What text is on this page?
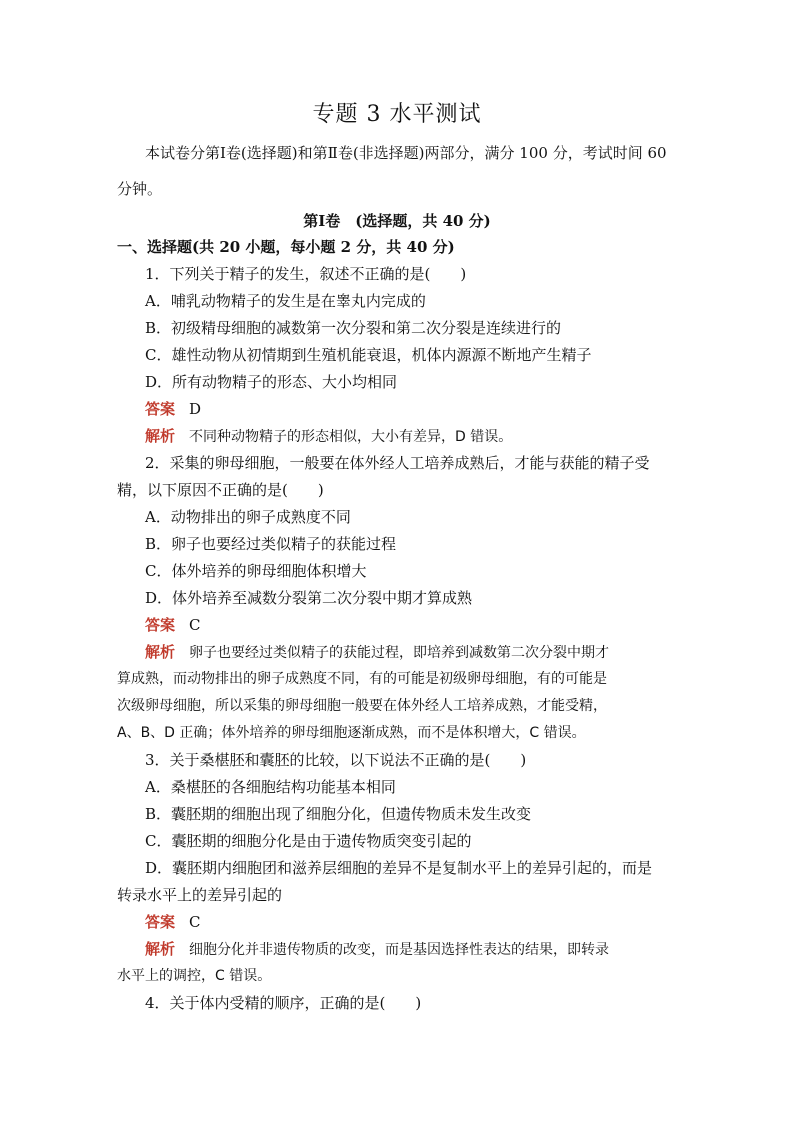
专题 3 水平测试
本试卷分第Ⅰ卷(选择题)和第Ⅱ卷(非选择题)两部分，满分 100 分，考试时间 60
分钟。
第Ⅰ卷　(选择题，共 40 分)
一、选择题(共 20 小题，每小题 2 分，共 40 分)
1．下列关于精子的发生，叙述不正确的是(　　)
A．哺乳动物精子的发生是在睾丸内完成的
B．初级精母细胞的减数第一次分裂和第二次分裂是连续进行的
C．雄性动物从初情期到生殖机能衰退，机体内源源不断地产生精子
D．所有动物精子的形态、大小均相同
答案 D
解析 不同种动物精子的形态相似，大小有差异，D 错误。
2．采集的卵母细胞，一般要在体外经人工培养成熟后，才能与获能的精子受
精，以下原因不正确的是(　　)
A．动物排出的卵子成熟度不同
B．卵子也要经过类似精子的获能过程
C．体外培养的卵母细胞体积增大
D．体外培养至减数分裂第二次分裂中期才算成熟
答案 C
解析 卵子也要经过类似精子的获能过程，即培养到减数第二次分裂中期才
算成熟，而动物排出的卵子成熟度不同，有的可能是初级卵母细胞，有的可能是
次级卵母细胞，所以采集的卵母细胞一般要在体外经人工培养成熟，才能受精，
A、B、D 正确；体外培养的卵母细胞逐渐成熟，而不是体积增大，C 错误。
3．关于桑椹胚和囊胚的比较，以下说法不正确的是(　　)
A．桑椹胚的各细胞结构功能基本相同
B．囊胚期的细胞出现了细胞分化，但遗传物质未发生改变
C．囊胚期的细胞分化是由于遗传物质突变引起的
D．囊胚期内细胞团和滋养层细胞的差异不是复制水平上的差异引起的，而是
转录水平上的差异引起的
答案 C
解析 细胞分化并非遗传物质的改变，而是基因选择性表达的结果，即转录
水平上的调控，C 错误。
4．关于体内受精的顺序，正确的是(　　)
